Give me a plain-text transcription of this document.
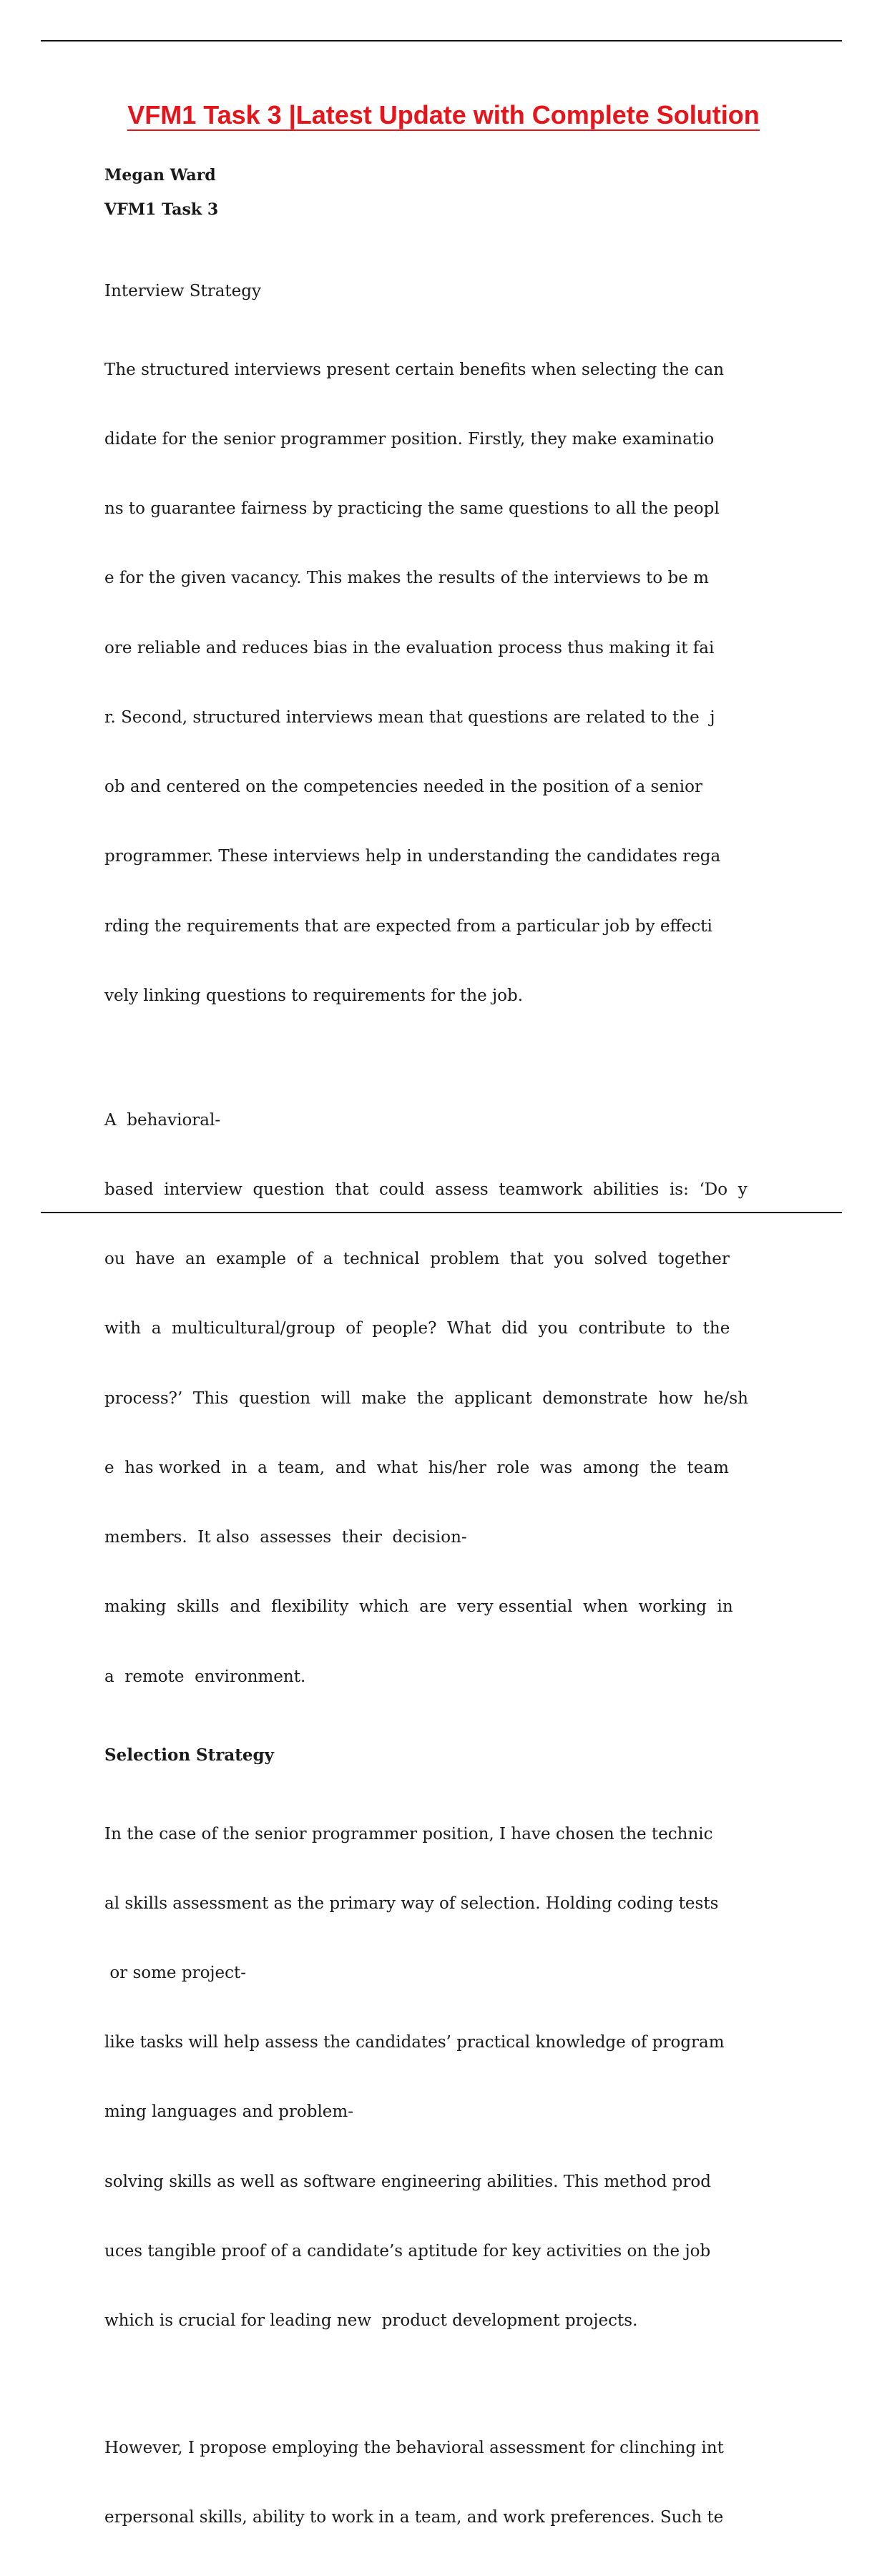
VFM1 Task 3 |Latest Update with Complete Solution

Megan Ward

VFM1 Task 3

Interview Strategy

The structured interviews present certain benefits when selecting the can

didate for the senior programmer position. Firstly, they make examinatio

ns to guarantee fairness by practicing the same questions to all the peopl

e for the given vacancy. This makes the results of the interviews to be m

ore reliable and reduces bias in the evaluation process thus making it fai

r. Second, structured interviews mean that questions are related to the  j

ob and centered on the competencies needed in the position of a senior

programmer. These interviews help in understanding the candidates rega

rding the requirements that are expected from a particular job by effecti

vely linking questions to requirements for the job.

A  behavioral-

based  interview  question  that  could  assess  teamwork  abilities  is:  ‘Do  y

ou  have  an  example  of  a  technical  problem  that  you  solved  together

with  a  multicultural/group  of  people?  What  did  you  contribute  to  the

process?’  This  question  will  make  the  applicant  demonstrate  how  he/sh

e  has worked  in  a  team,  and  what  his/her  role  was  among  the  team

members.  It also  assesses  their  decision-

making  skills  and  flexibility  which  are  very essential  when  working  in

a  remote  environment.

Selection Strategy

In the case of the senior programmer position, I have chosen the technic

al skills assessment as the primary way of selection. Holding coding tests

or some project-

like tasks will help assess the candidates’ practical knowledge of program

ming languages and problem-

solving skills as well as software engineering abilities. This method prod

uces tangible proof of a candidate’s aptitude for key activities on the job

which is crucial for leading new  product development projects.

However, I propose employing the behavioral assessment for clinching int

erpersonal skills, ability to work in a team, and work preferences. Such te
